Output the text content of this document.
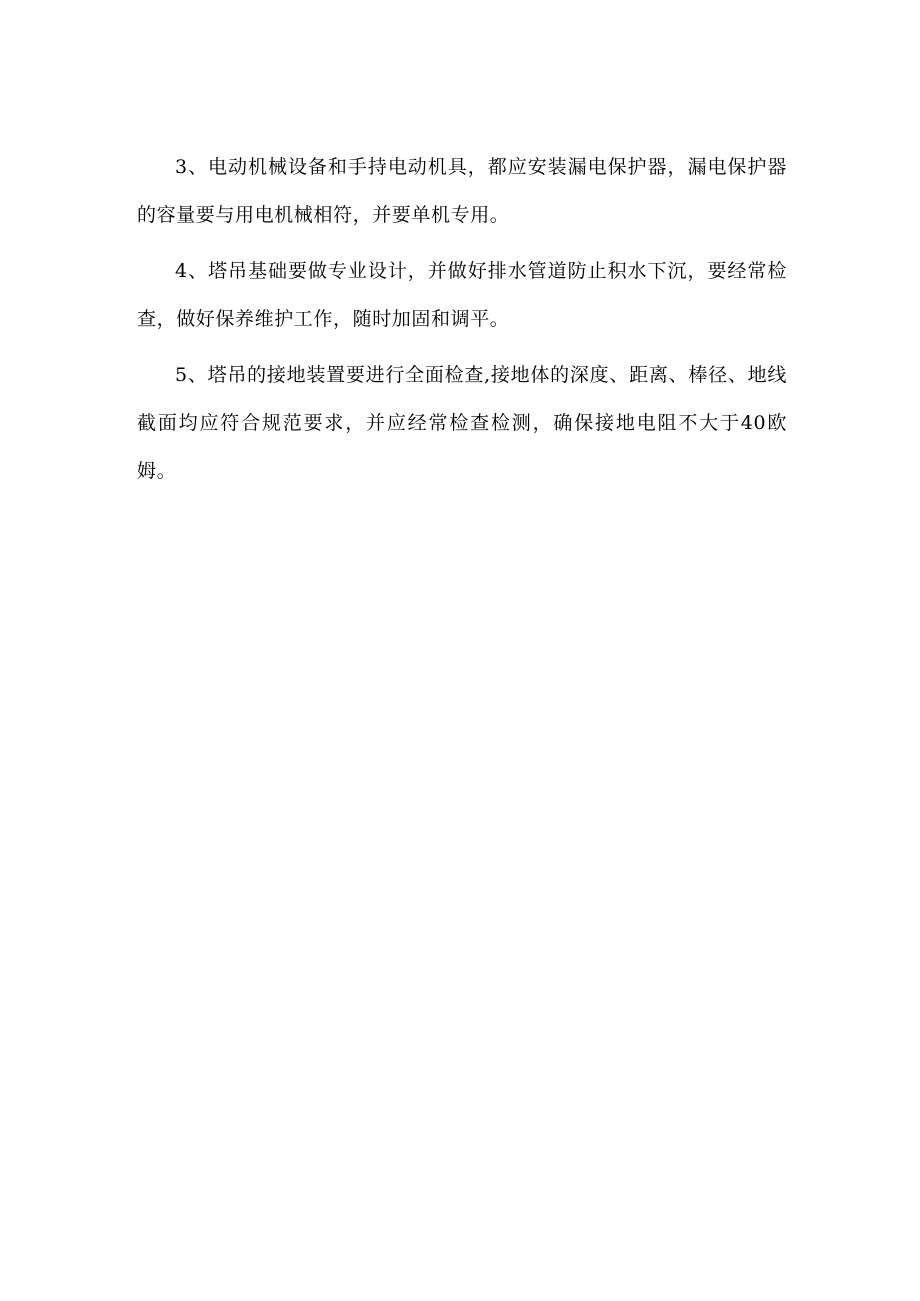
3、电动机械设备和手持电动机具，都应安装漏电保护器，漏电保护器的容量要与用电机械相符，并要单机专用。

4、塔吊基础要做专业设计，并做好排水管道防止积水下沉，要经常检查，做好保养维护工作，随时加固和调平。

5、塔吊的接地装置要进行全面检查,接地体的深度、距离、棒径、地线截面均应符合规范要求，并应经常检查检测，确保接地电阻不大于40欧姆。
